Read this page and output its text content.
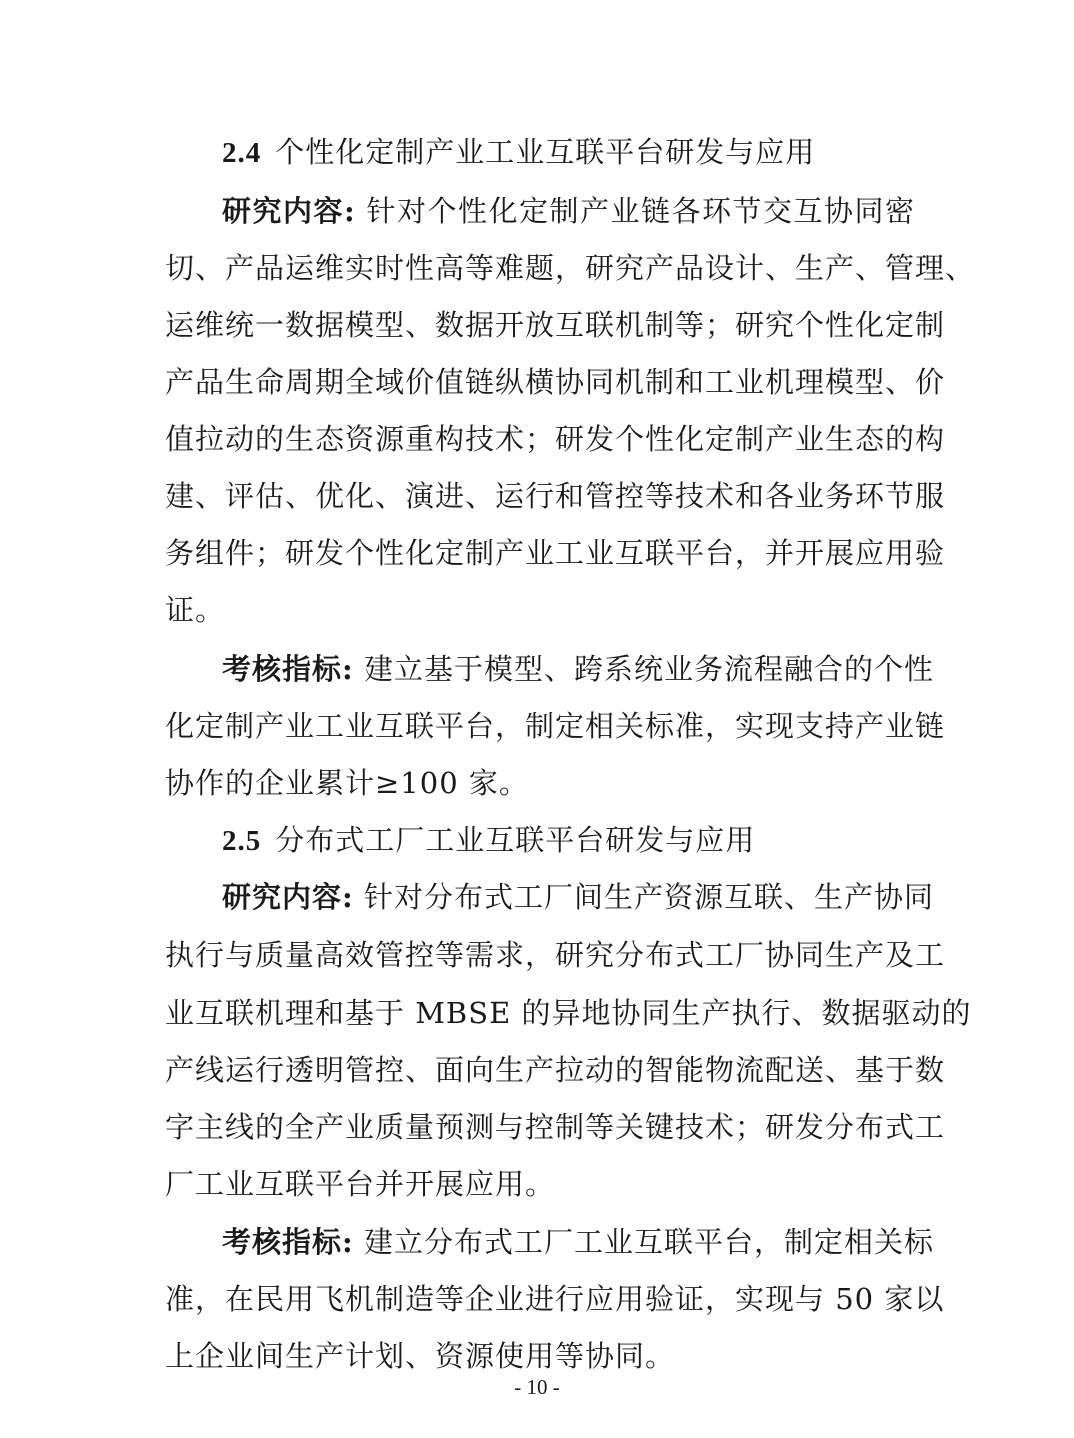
2.4 个性化定制产业工业互联平台研发与应用
研究内容: 针对个性化定制产业链各环节交互协同密
切、产品运维实时性高等难题，研究产品设计、生产、管理、
运维统一数据模型、数据开放互联机制等；研究个性化定制
产品生命周期全域价值链纵横协同机制和工业机理模型、价
值拉动的生态资源重构技术；研发个性化定制产业生态的构
建、评估、优化、演进、运行和管控等技术和各业务环节服
务组件；研发个性化定制产业工业互联平台，并开展应用验
证。
考核指标: 建立基于模型、跨系统业务流程融合的个性
化定制产业工业互联平台，制定相关标准，实现支持产业链
协作的企业累计≥100 家。
2.5 分布式工厂工业互联平台研发与应用
研究内容: 针对分布式工厂间生产资源互联、生产协同
执行与质量高效管控等需求，研究分布式工厂协同生产及工
业互联机理和基于 MBSE 的异地协同生产执行、数据驱动的
产线运行透明管控、面向生产拉动的智能物流配送、基于数
字主线的全产业质量预测与控制等关键技术；研发分布式工
厂工业互联平台并开展应用。
考核指标: 建立分布式工厂工业互联平台，制定相关标
准，在民用飞机制造等企业进行应用验证，实现与 50 家以
上企业间生产计划、资源使用等协同。
- 10 -
